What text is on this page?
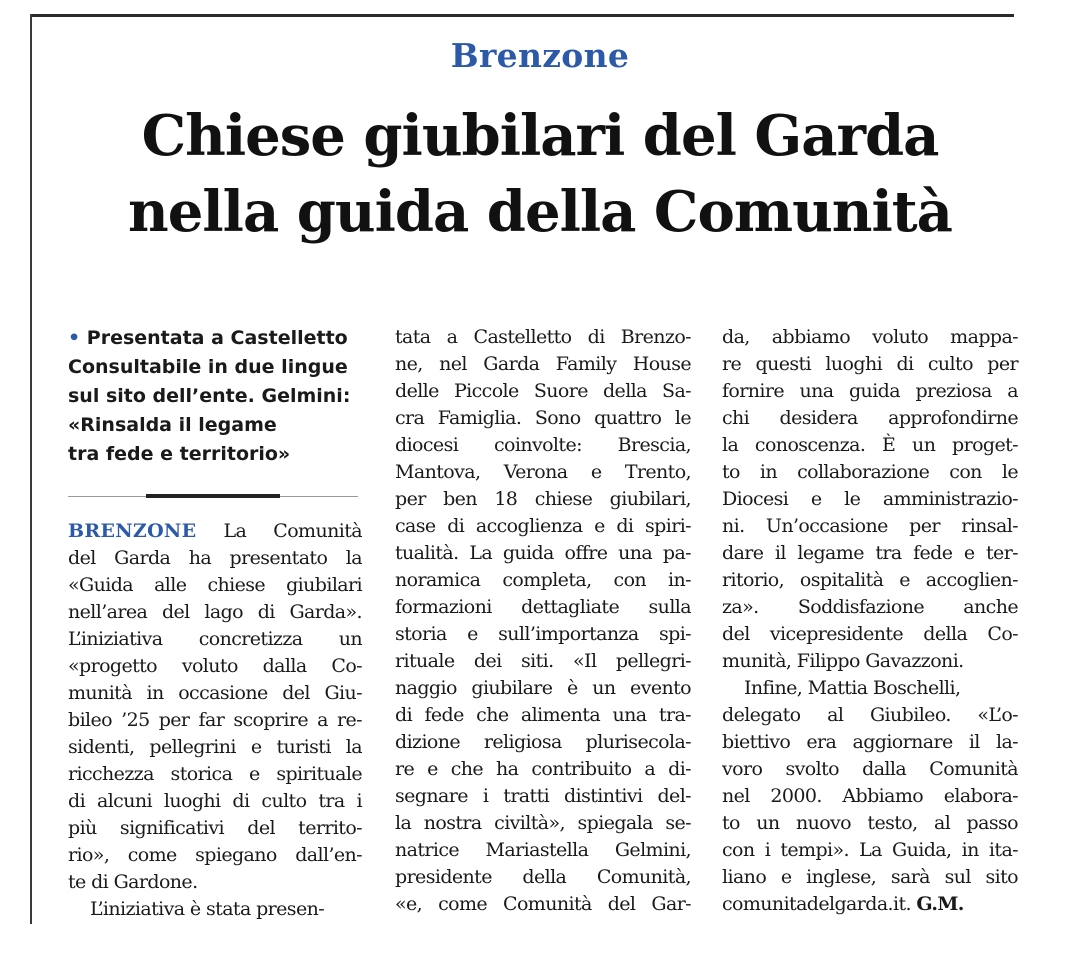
Brenzone
Chiese giubilari del Garda
nella guida della Comunità
• Presentata a Castelletto
Consultabile in due lingue
sul sito dell’ente. Gelmini:
«Rinsalda il legame
tra fede e territorio»
BRENZONE La Comunità
del Garda ha presentato la
«Guida alle chiese giubilari
nell’area del lago di Garda».
L’iniziativa concretizza un
«progetto voluto dalla Co-
munità in occasione del Giu-
bileo ’25 per far scoprire a re-
sidenti, pellegrini e turisti la
ricchezza storica e spirituale
di alcuni luoghi di culto tra i
più significativi del territo-
rio», come spiegano dall’en-
te di Gardone.
L’iniziativa è stata presen-
tata a Castelletto di Brenzo-
ne, nel Garda Family House
delle Piccole Suore della Sa-
cra Famiglia. Sono quattro le
diocesi coinvolte: Brescia,
Mantova, Verona e Trento,
per ben 18 chiese giubilari,
case di accoglienza e di spiri-
tualità. La guida offre una pa-
noramica completa, con in-
formazioni dettagliate sulla
storia e sull’importanza spi-
rituale dei siti. «Il pellegri-
naggio giubilare è un evento
di fede che alimenta una tra-
dizione religiosa plurisecola-
re e che ha contribuito a di-
segnare i tratti distintivi del-
la nostra civiltà», spiegala se-
natrice Mariastella Gelmini,
presidente della Comunità,
«e, come Comunità del Gar-
da, abbiamo voluto mappa-
re questi luoghi di culto per
fornire una guida preziosa a
chi desidera approfondirne
la conoscenza. È un proget-
to in collaborazione con le
Diocesi e le amministrazio-
ni. Un’occasione per rinsal-
dare il legame tra fede e ter-
ritorio, ospitalità e accoglien-
za». Soddisfazione anche
del vicepresidente della Co-
munità, Filippo Gavazzoni.
Infine, Mattia Boschelli,
delegato al Giubileo. «L’o-
biettivo era aggiornare il la-
voro svolto dalla Comunità
nel 2000. Abbiamo elabora-
to un nuovo testo, al passo
con i tempi». La Guida, in ita-
liano e inglese, sarà sul sito
comunitadelgarda.it. G.M.
